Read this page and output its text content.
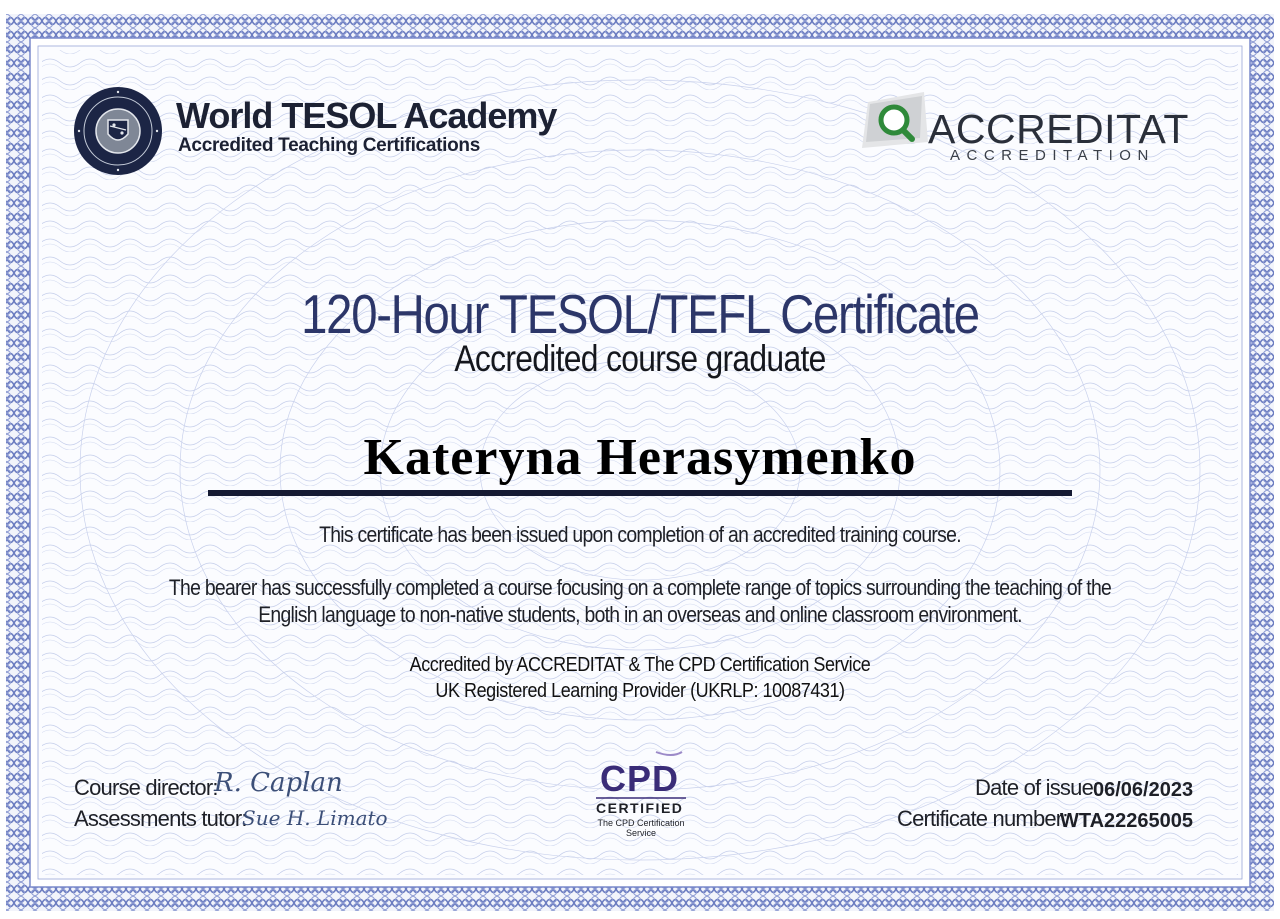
World TESOL Academy
Accredited Teaching Certifications	ACCREDITAT
ACCREDITATION
120-Hour TESOL/TEFL Certificate
Accredited course graduate
Kateryna Herasymenko
This certificate has been issued upon completion of an accredited training course.
The bearer has successfully completed a course focusing on a complete range of topics surrounding the teaching of the
English language to non-native students, both in an overseas and online classroom environment.
Accredited by ACCREDITAT & The CPD Certification Service
UK Registered Learning Provider (UKRLP: 10087431)
Course director:
R. Caplan
Assessments tutor:
Sue H. Limato
CPD
CERTIFIED
The CPD Certification
Service
Date of issue:
06/06/2023
Certificate number:
WTA22265005
